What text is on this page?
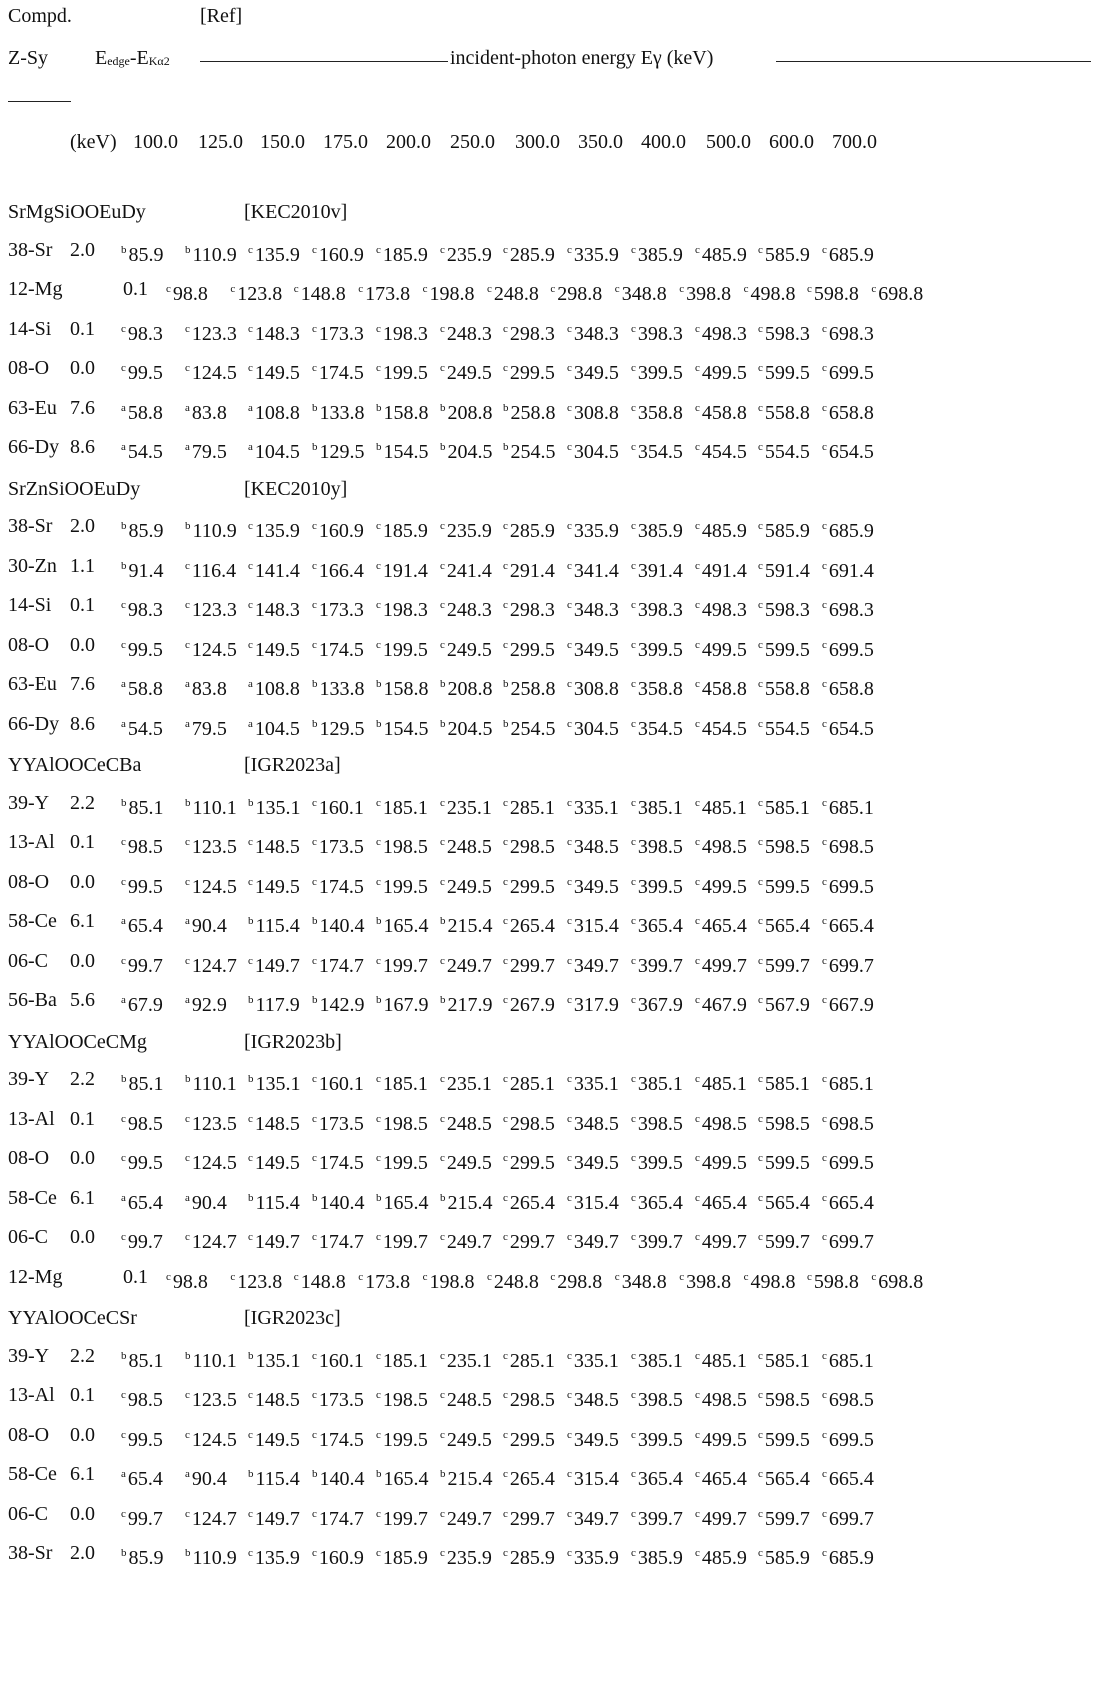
Compd.	[Ref]
Z-Sy Eedge-EKα2	incident-photon energy Eγ (keV)
(keV) 100.0 125.0 150.0 175.0 200.0 250.0 300.0 350.0 400.0 500.0 600.0 700.0
SrMgSiOOEuDy	[KEC2010v]
38-Sr 2.0 $^b$ 85.9 $^b$ 110.9 $^c$ 135.9 $^c$ 160.9 $^c$ 185.9 $^c$ 235.9 $^c$ 285.9 $^c$ 335.9 $^c$ 385.9 $^c$ 485.9 $^c$ 585.9 $^c$ 685.9
12-Mg	0.1 $^c$ 98.8 $^c$ 123.8 $^c$ 148.8 $^c$ 173.8 $^c$ 198.8 $^c$ 248.8 $^c$ 298.8 $^c$ 348.8 $^c$ 398.8 $^c$ 498.8 $^c$ 598.8 $^c$ 698.8
14-Si 0.1 $^c$ 98.3 $^c$ 123.3 $^c$ 148.3 $^c$ 173.3 $^c$ 198.3 $^c$ 248.3 $^c$ 298.3 $^c$ 348.3 $^c$ 398.3 $^c$ 498.3 $^c$ 598.3 $^c$ 698.3
08-O 0.0 $^c$ 99.5 $^c$ 124.5 $^c$ 149.5 $^c$ 174.5 $^c$ 199.5 $^c$ 249.5 $^c$ 299.5 $^c$ 349.5 $^c$ 399.5 $^c$ 499.5 $^c$ 599.5 $^c$ 699.5
63-Eu 7.6 $^a$ 58.8 $^a$ 83.8 $^a$ 108.8 $^b$ 133.8 $^b$ 158.8 $^b$ 208.8 $^b$ 258.8 $^c$ 308.8 $^c$ 358.8 $^c$ 458.8 $^c$ 558.8 $^c$ 658.8
66-Dy 8.6 $^a$ 54.5 $^a$ 79.5 $^a$ 104.5 $^b$ 129.5 $^b$ 154.5 $^b$ 204.5 $^b$ 254.5 $^c$ 304.5 $^c$ 354.5 $^c$ 454.5 $^c$ 554.5 $^c$ 654.5
SrZnSiOOEuDy	[KEC2010y]
38-Sr 2.0 $^b$ 85.9 $^b$ 110.9 $^c$ 135.9 $^c$ 160.9 $^c$ 185.9 $^c$ 235.9 $^c$ 285.9 $^c$ 335.9 $^c$ 385.9 $^c$ 485.9 $^c$ 585.9 $^c$ 685.9
30-Zn 1.1 $^b$ 91.4 $^c$ 116.4 $^c$ 141.4 $^c$ 166.4 $^c$ 191.4 $^c$ 241.4 $^c$ 291.4 $^c$ 341.4 $^c$ 391.4 $^c$ 491.4 $^c$ 591.4 $^c$ 691.4
14-Si 0.1 $^c$ 98.3 $^c$ 123.3 $^c$ 148.3 $^c$ 173.3 $^c$ 198.3 $^c$ 248.3 $^c$ 298.3 $^c$ 348.3 $^c$ 398.3 $^c$ 498.3 $^c$ 598.3 $^c$ 698.3
08-O 0.0 $^c$ 99.5 $^c$ 124.5 $^c$ 149.5 $^c$ 174.5 $^c$ 199.5 $^c$ 249.5 $^c$ 299.5 $^c$ 349.5 $^c$ 399.5 $^c$ 499.5 $^c$ 599.5 $^c$ 699.5
63-Eu 7.6 $^a$ 58.8 $^a$ 83.8 $^a$ 108.8 $^b$ 133.8 $^b$ 158.8 $^b$ 208.8 $^b$ 258.8 $^c$ 308.8 $^c$ 358.8 $^c$ 458.8 $^c$ 558.8 $^c$ 658.8
66-Dy 8.6 $^a$ 54.5 $^a$ 79.5 $^a$ 104.5 $^b$ 129.5 $^b$ 154.5 $^b$ 204.5 $^b$ 254.5 $^c$ 304.5 $^c$ 354.5 $^c$ 454.5 $^c$ 554.5 $^c$ 654.5
YYAlOOCeCBa	[IGR2023a]
39-Y 2.2 $^b$ 85.1 $^b$ 110.1 $^b$ 135.1 $^c$ 160.1 $^c$ 185.1 $^c$ 235.1 $^c$ 285.1 $^c$ 335.1 $^c$ 385.1 $^c$ 485.1 $^c$ 585.1 $^c$ 685.1
13-Al 0.1 $^c$ 98.5 $^c$ 123.5 $^c$ 148.5 $^c$ 173.5 $^c$ 198.5 $^c$ 248.5 $^c$ 298.5 $^c$ 348.5 $^c$ 398.5 $^c$ 498.5 $^c$ 598.5 $^c$ 698.5
08-O 0.0 $^c$ 99.5 $^c$ 124.5 $^c$ 149.5 $^c$ 174.5 $^c$ 199.5 $^c$ 249.5 $^c$ 299.5 $^c$ 349.5 $^c$ 399.5 $^c$ 499.5 $^c$ 599.5 $^c$ 699.5
58-Ce 6.1 $^a$ 65.4 $^a$ 90.4 $^b$ 115.4 $^b$ 140.4 $^b$ 165.4 $^b$ 215.4 $^c$ 265.4 $^c$ 315.4 $^c$ 365.4 $^c$ 465.4 $^c$ 565.4 $^c$ 665.4
06-C 0.0 $^c$ 99.7 $^c$ 124.7 $^c$ 149.7 $^c$ 174.7 $^c$ 199.7 $^c$ 249.7 $^c$ 299.7 $^c$ 349.7 $^c$ 399.7 $^c$ 499.7 $^c$ 599.7 $^c$ 699.7
56-Ba 5.6 $^a$ 67.9 $^a$ 92.9 $^b$ 117.9 $^b$ 142.9 $^b$ 167.9 $^b$ 217.9 $^c$ 267.9 $^c$ 317.9 $^c$ 367.9 $^c$ 467.9 $^c$ 567.9 $^c$ 667.9
YYAlOOCeCMg	[IGR2023b]
39-Y 2.2 $^b$ 85.1 $^b$ 110.1 $^b$ 135.1 $^c$ 160.1 $^c$ 185.1 $^c$ 235.1 $^c$ 285.1 $^c$ 335.1 $^c$ 385.1 $^c$ 485.1 $^c$ 585.1 $^c$ 685.1
13-Al 0.1 $^c$ 98.5 $^c$ 123.5 $^c$ 148.5 $^c$ 173.5 $^c$ 198.5 $^c$ 248.5 $^c$ 298.5 $^c$ 348.5 $^c$ 398.5 $^c$ 498.5 $^c$ 598.5 $^c$ 698.5
08-O 0.0 $^c$ 99.5 $^c$ 124.5 $^c$ 149.5 $^c$ 174.5 $^c$ 199.5 $^c$ 249.5 $^c$ 299.5 $^c$ 349.5 $^c$ 399.5 $^c$ 499.5 $^c$ 599.5 $^c$ 699.5
58-Ce 6.1 $^a$ 65.4 $^a$ 90.4 $^b$ 115.4 $^b$ 140.4 $^b$ 165.4 $^b$ 215.4 $^c$ 265.4 $^c$ 315.4 $^c$ 365.4 $^c$ 465.4 $^c$ 565.4 $^c$ 665.4
06-C 0.0 $^c$ 99.7 $^c$ 124.7 $^c$ 149.7 $^c$ 174.7 $^c$ 199.7 $^c$ 249.7 $^c$ 299.7 $^c$ 349.7 $^c$ 399.7 $^c$ 499.7 $^c$ 599.7 $^c$ 699.7
12-Mg	0.1 $^c$ 98.8 $^c$ 123.8 $^c$ 148.8 $^c$ 173.8 $^c$ 198.8 $^c$ 248.8 $^c$ 298.8 $^c$ 348.8 $^c$ 398.8 $^c$ 498.8 $^c$ 598.8 $^c$ 698.8
YYAlOOCeCSr	[IGR2023c]
39-Y 2.2 $^b$ 85.1 $^b$ 110.1 $^b$ 135.1 $^c$ 160.1 $^c$ 185.1 $^c$ 235.1 $^c$ 285.1 $^c$ 335.1 $^c$ 385.1 $^c$ 485.1 $^c$ 585.1 $^c$ 685.1
13-Al 0.1 $^c$ 98.5 $^c$ 123.5 $^c$ 148.5 $^c$ 173.5 $^c$ 198.5 $^c$ 248.5 $^c$ 298.5 $^c$ 348.5 $^c$ 398.5 $^c$ 498.5 $^c$ 598.5 $^c$ 698.5
08-O 0.0 $^c$ 99.5 $^c$ 124.5 $^c$ 149.5 $^c$ 174.5 $^c$ 199.5 $^c$ 249.5 $^c$ 299.5 $^c$ 349.5 $^c$ 399.5 $^c$ 499.5 $^c$ 599.5 $^c$ 699.5
58-Ce 6.1 $^a$ 65.4 $^a$ 90.4 $^b$ 115.4 $^b$ 140.4 $^b$ 165.4 $^b$ 215.4 $^c$ 265.4 $^c$ 315.4 $^c$ 365.4 $^c$ 465.4 $^c$ 565.4 $^c$ 665.4
06-C 0.0 $^c$ 99.7 $^c$ 124.7 $^c$ 149.7 $^c$ 174.7 $^c$ 199.7 $^c$ 249.7 $^c$ 299.7 $^c$ 349.7 $^c$ 399.7 $^c$ 499.7 $^c$ 599.7 $^c$ 699.7
38-Sr 2.0 $^b$ 85.9 $^b$ 110.9 $^c$ 135.9 $^c$ 160.9 $^c$ 185.9 $^c$ 235.9 $^c$ 285.9 $^c$ 335.9 $^c$ 385.9 $^c$ 485.9 $^c$ 585.9 $^c$ 685.9
